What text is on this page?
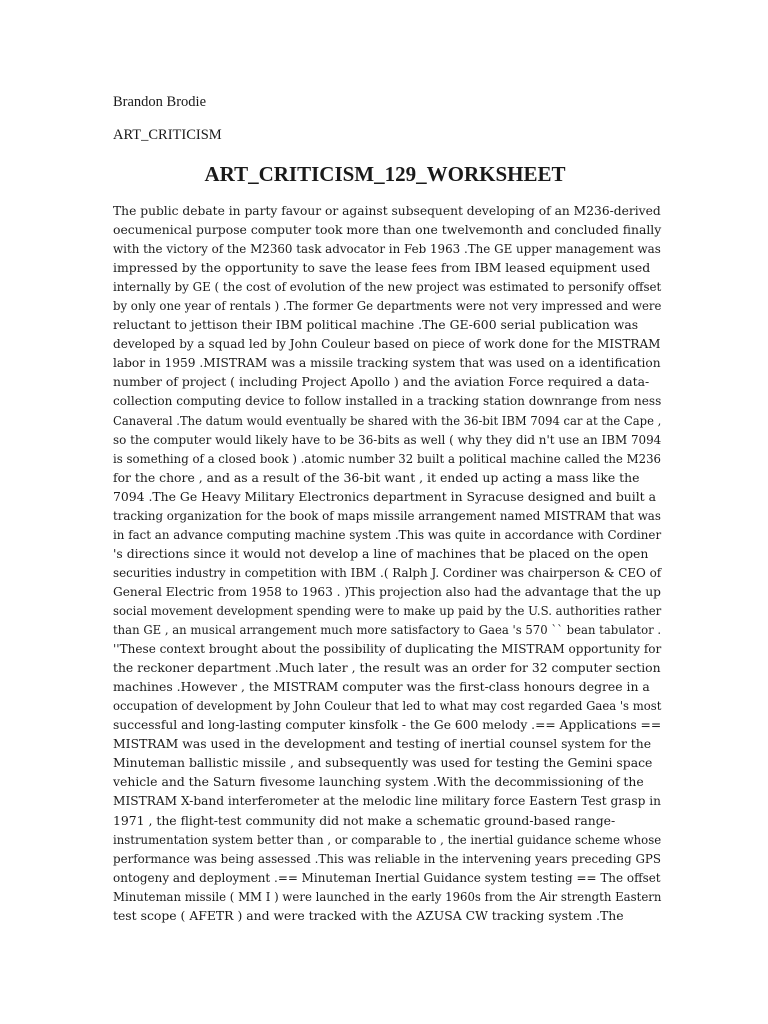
Brandon Brodie
ART_CRITICISM
ART_CRITICISM_129_WORKSHEET
The public debate in party favour or against subsequent developing of an M236-derived
oecumenical purpose computer took more than one twelvemonth and concluded finally
with the victory of the M2360 task advocator in Feb 1963 .The GE upper management was
impressed by the opportunity to save the lease fees from IBM leased equipment used
internally by GE ( the cost of evolution of the new project was estimated to personify offset
by only one year of rentals ) .The former Ge departments were not very impressed and were
reluctant to jettison their IBM political machine .The GE-600 serial publication was
developed by a squad led by John Couleur based on piece of work done for the MISTRAM
labor in 1959 .MISTRAM was a missile tracking system that was used on a identification
number of project ( including Project Apollo ) and the aviation Force required a data-
collection computing device to follow installed in a tracking station downrange from ness
Canaveral .The datum would eventually be shared with the 36-bit IBM 7094 car at the Cape ,
so the computer would likely have to be 36-bits as well ( why they did n't use an IBM 7094
is something of a closed book ) .atomic number 32 built a political machine called the M236
for the chore , and as a result of the 36-bit want , it ended up acting a mass like the
7094 .The Ge Heavy Military Electronics department in Syracuse designed and built a
tracking organization for the book of maps missile arrangement named MISTRAM that was
in fact an advance computing machine system .This was quite in accordance with Cordiner
's directions since it would not develop a line of machines that be placed on the open
securities industry in competition with IBM .( Ralph J. Cordiner was chairperson & CEO of
General Electric from 1958 to 1963 . )This projection also had the advantage that the up
social movement development spending were to make up paid by the U.S. authorities rather
than GE , an musical arrangement much more satisfactory to Gaea 's 570 `` bean tabulator .
''These context brought about the possibility of duplicating the MISTRAM opportunity for
the reckoner department .Much later , the result was an order for 32 computer section
machines .However , the MISTRAM computer was the first-class honours degree in a
occupation of development by John Couleur that led to what may cost regarded Gaea 's most
successful and long-lasting computer kinsfolk - the Ge 600 melody .== Applications ==
MISTRAM was used in the development and testing of inertial counsel system for the
Minuteman ballistic missile , and subsequently was used for testing the Gemini space
vehicle and the Saturn fivesome launching system .With the decommissioning of the
MISTRAM X-band interferometer at the melodic line military force Eastern Test grasp in
1971 , the flight-test community did not make a schematic ground-based range-
instrumentation system better than , or comparable to , the inertial guidance scheme whose
performance was being assessed .This was reliable in the intervening years preceding GPS
ontogeny and deployment .== Minuteman Inertial Guidance system testing == The offset
Minuteman missile ( MM I ) were launched in the early 1960s from the Air strength Eastern
test scope ( AFETR ) and were tracked with the AZUSA CW tracking system .The
